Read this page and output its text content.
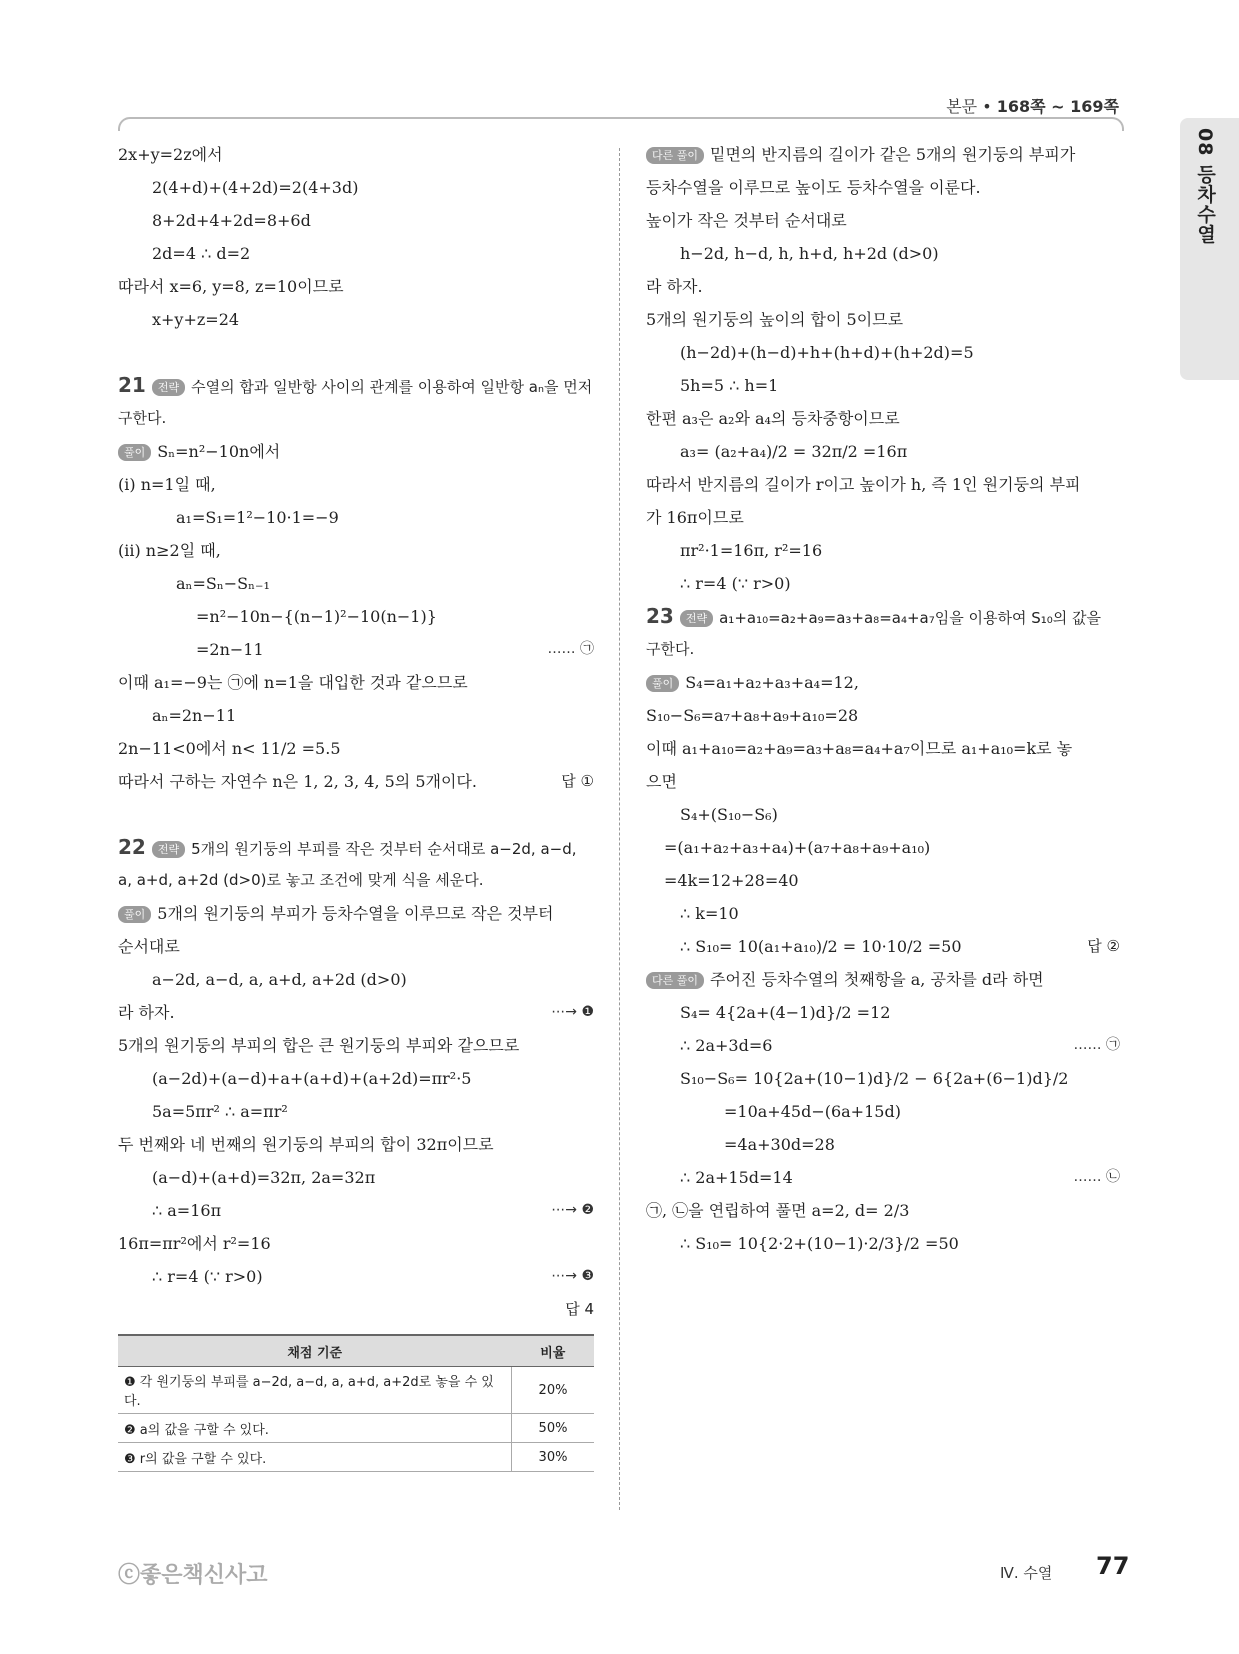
본문 • 168쪽 ~ 169쪽
08 등차수열
2x+y=2z에서
2(4+d)+(4+2d)=2(4+3d)
8+2d+4+2d=8+6d
2d=4 ∴ d=2
따라서 x=6, y=8, z=10이므로
x+y+z=24
21 전략 수열의 합과 일반항 사이의 관계를 이용하여 일반항 aₙ을 먼저
구한다.
풀이 Sₙ=n²−10n에서
(ⅰ) n=1일 때,
a₁=S₁=1²−10·1=−9
(ⅱ) n≥2일 때,
aₙ=Sₙ−Sₙ₋₁
=n²−10n−{(n−1)²−10(n−1)}
=2n−11	…… ㉠
이때 a₁=−9는 ㉠에 n=1을 대입한 것과 같으므로
aₙ=2n−11
2n−11<0에서 n< 11/2 =5.5
따라서 구하는 자연수 n은 1, 2, 3, 4, 5의 5개이다.	답 ①
22 전략 5개의 원기둥의 부피를 작은 것부터 순서대로 a−2d, a−d,
a, a+d, a+2d (d>0)로 놓고 조건에 맞게 식을 세운다.
풀이 5개의 원기둥의 부피가 등차수열을 이루므로 작은 것부터
순서대로
a−2d, a−d, a, a+d, a+2d (d>0)
라 하자.	⋯→ ❶
5개의 원기둥의 부피의 합은 큰 원기둥의 부피와 같으므로
(a−2d)+(a−d)+a+(a+d)+(a+2d)=πr²·5
5a=5πr² ∴ a=πr²
두 번째와 네 번째의 원기둥의 부피의 합이 32π이므로
(a−d)+(a+d)=32π, 2a=32π
∴ a=16π	⋯→ ❷
16π=πr²에서 r²=16
∴ r=4 (∵ r>0)	⋯→ ❸
답 4
채점 기준	비율
❶ 각 원기둥의 부피를 a−2d, a−d, a, a+d, a+2d로 놓을 수 있다.	20%
❷ a의 값을 구할 수 있다.	50%
❸ r의 값을 구할 수 있다.	30%
다른 풀이 밑면의 반지름의 길이가 같은 5개의 원기둥의 부피가
등차수열을 이루므로 높이도 등차수열을 이룬다.
높이가 작은 것부터 순서대로
h−2d, h−d, h, h+d, h+2d (d>0)
라 하자.
5개의 원기둥의 높이의 합이 5이므로
(h−2d)+(h−d)+h+(h+d)+(h+2d)=5
5h=5 ∴ h=1
한편 a₃은 a₂와 a₄의 등차중항이므로
a₃= (a₂+a₄)/2 = 32π/2 =16π
따라서 반지름의 길이가 r이고 높이가 h, 즉 1인 원기둥의 부피
가 16π이므로
πr²·1=16π, r²=16
∴ r=4 (∵ r>0)
23 전략 a₁+a₁₀=a₂+a₉=a₃+a₈=a₄+a₇임을 이용하여 S₁₀의 값을
구한다.
풀이 S₄=a₁+a₂+a₃+a₄=12,
S₁₀−S₆=a₇+a₈+a₉+a₁₀=28
이때 a₁+a₁₀=a₂+a₉=a₃+a₈=a₄+a₇이므로 a₁+a₁₀=k로 놓
으면
S₄+(S₁₀−S₆)
=(a₁+a₂+a₃+a₄)+(a₇+a₈+a₉+a₁₀)
=4k=12+28=40
∴ k=10
∴ S₁₀= 10(a₁+a₁₀)/2 = 10·10/2 =50	답 ②
다른 풀이 주어진 등차수열의 첫째항을 a, 공차를 d라 하면
S₄= 4{2a+(4−1)d}/2 =12
∴ 2a+3d=6	…… ㉠
S₁₀−S₆= 10{2a+(10−1)d}/2 − 6{2a+(6−1)d}/2
=10a+45d−(6a+15d)
=4a+30d=28
∴ 2a+15d=14	…… ㉡
㉠, ㉡을 연립하여 풀면 a=2, d= 2/3
∴ S₁₀= 10{2·2+(10−1)·2/3}/2 =50
ⓒ좋은책신사고	Ⅳ. 수열 77
